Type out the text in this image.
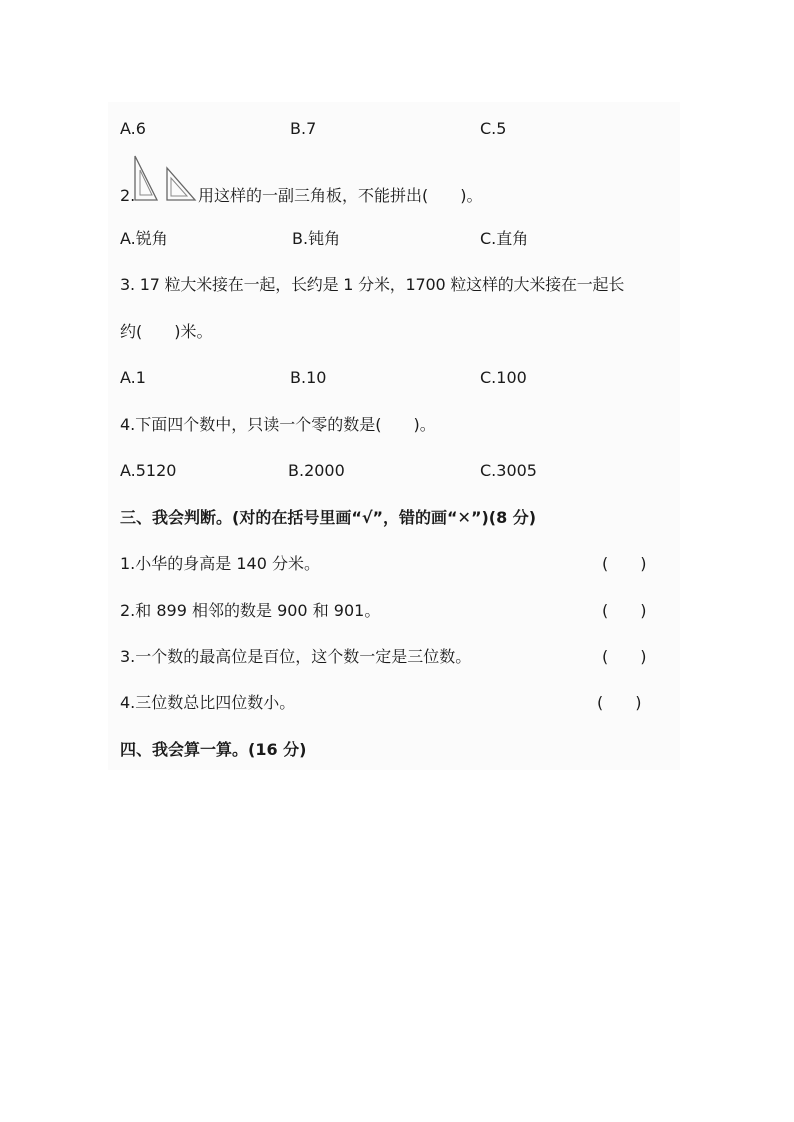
A.6	B.7	C.5
2.	用这样的一副三角板，不能拼出(　　)。
A.锐角	B.钝角	C.直角
3. 17 粒大米接在一起，长约是 1 分米，1700 粒这样的大米接在一起长
约(　　)米。
A.1	B.10	C.100
4.下面四个数中，只读一个零的数是(　　)。
A.5120	B.2000	C.3005
三、我会判断。(对的在括号里画“√”，错的画“✕”)(8 分)
1.小华的身高是 140 分米。	(　　)
2.和 899 相邻的数是 900 和 901。	(　　)
3.一个数的最高位是百位，这个数一定是三位数。	(　　)
4.三位数总比四位数小。	(　　)
四、我会算一算。(16 分)
